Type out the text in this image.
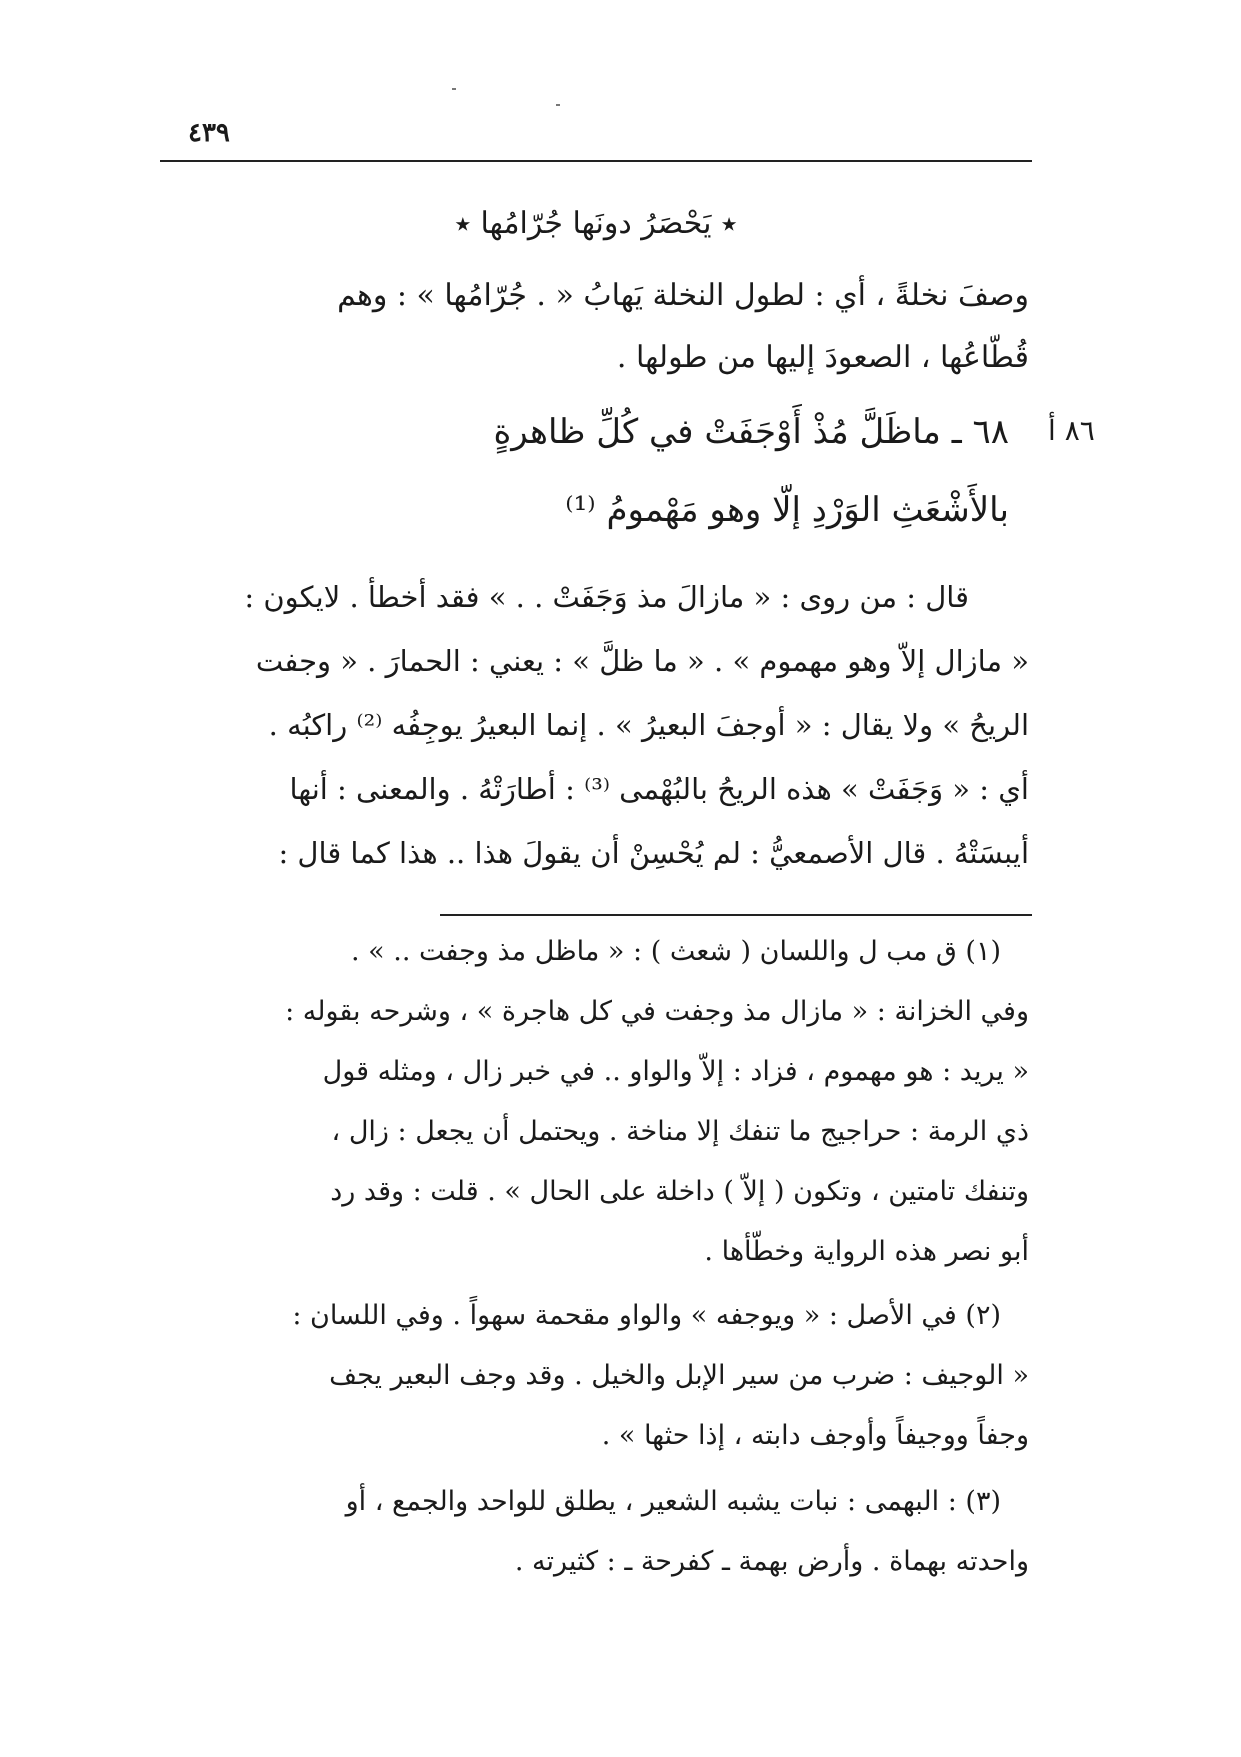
٤٣٩
⭑ يَحْصَرُ دونَها جُرّامُها ⭑
وصفَ نخلةً ، أي : لطول النخلة يَهابُ « . جُرّامُها » : وهم
قُطّاعُها ، الصعودَ إليها من طولها .
٨٦ أ
٦٨ ـ ماظَلَّ مُذْ أَوْجَفَتْ في كُلِّ ظاهرةٍ
بالأَشْعَثِ الوَرْدِ إلّا وهو مَهْمومُ ⁽¹⁾
قال : من روى : « مازالَ مذ وَجَفَتْ . . » فقد أخطأ . لايكون :
« مازال إلاّ وهو مهموم » . « ما ظلَّ » : يعني : الحمارَ . « وجفت
الريحُ » ولا يقال : « أوجفَ البعيرُ » . إنما البعيرُ يوجِفُه ⁽²⁾ راكبُه .
أي : « وَجَفَتْ » هذه الريحُ بالبُهْمى ⁽³⁾ : أطارَتْهُ . والمعنى : أنها
أيبسَتْهُ . قال الأصمعيُّ : لم يُحْسِنْ أن يقولَ هذا .. هذا كما قال :
(١) ق مب ل واللسان ( شعث ) : « ماظل مذ وجفت .. » .
وفي الخزانة : « مازال مذ وجفت في كل هاجرة » ، وشرحه بقوله :
« يريد : هو مهموم ، فزاد : إلاّ والواو .. في خبر زال ، ومثله قول
ذي الرمة : حراجيج ما تنفك إلا مناخة . ويحتمل أن يجعل : زال ،
وتنفك تامتين ، وتكون ( إلاّ ) داخلة على الحال » . قلت : وقد رد
أبو نصر هذه الرواية وخطّأها .
(٢) في الأصل : « ويوجفه » والواو مقحمة سهواً . وفي اللسان :
« الوجيف : ضرب من سير الإبل والخيل . وقد وجف البعير يجف
وجفاً ووجيفاً وأوجف دابته ، إذا حثها » .
(٣) : البهمى : نبات يشبه الشعير ، يطلق للواحد والجمع ، أو
واحدته بهماة . وأرض بهمة ـ كفرحة ـ : كثيرته .
